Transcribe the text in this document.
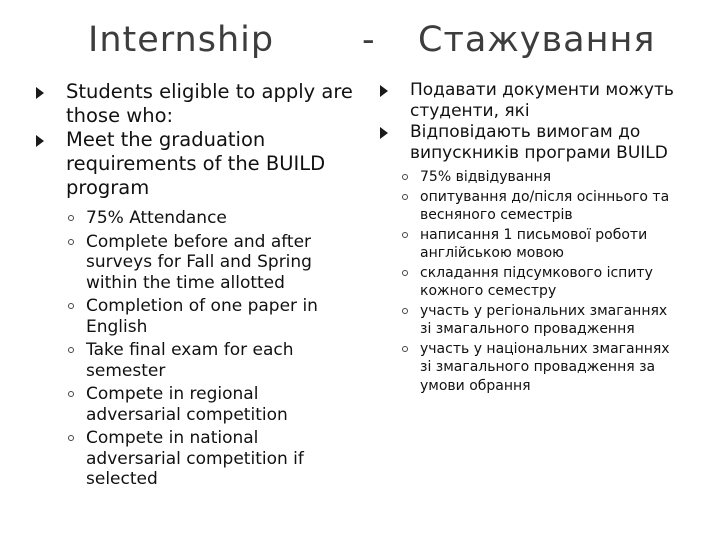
Internship	- Стажування

Students eligible to apply are those who:

Meet the graduation requirements of the BUILD program

75% Attendance
Complete before and after surveys for Fall and Spring within the time allotted
Completion of one paper in English
Take final exam for each semester
Compete in regional adversarial competition
Compete in national adversarial competition if selected

Подавати документи можуть студенти, які

Відповідають вимогам до випускників програми BUILD

75% відвідування
опитування до/після осіннього та весняного семестрів
написання 1 письмової роботи англійською мовою
складання підсумкового іспиту кожного семестру
участь у регіональних змаганнях зі змагального провадження
участь у національних змаганнях зі змагального провадження за умови обрання
